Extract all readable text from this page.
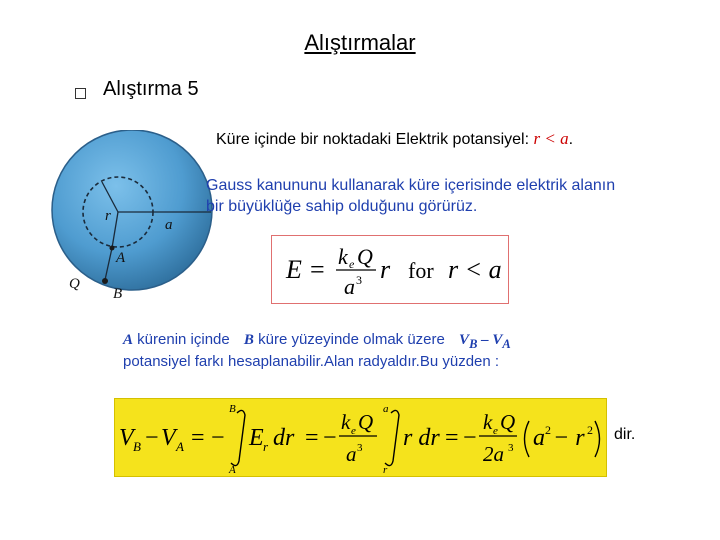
Alıştırmalar
Alıştırma 5
r
a
A
Q
B
Küre içinde bir noktadaki Elektrik potansiyel: r < a.
Gauss kanununu kullanarak küre içerisinde elektrik alanın
bir büyüklüğe sahip olduğunu görürüz.
E = k e Q
a 3 r for r < a
A kürenin içinde B küre yüzeyinde olmak üzere $V_B - V_A$
potansiyel farkı hesaplanabilir.Alan radyaldır.Bu yüzden :
V B − V A = −
B
A
E r dr = −
k e Q
a 3
a
r
r dr = −
k e Q
2a 3 a 2 − r 2 dir.
